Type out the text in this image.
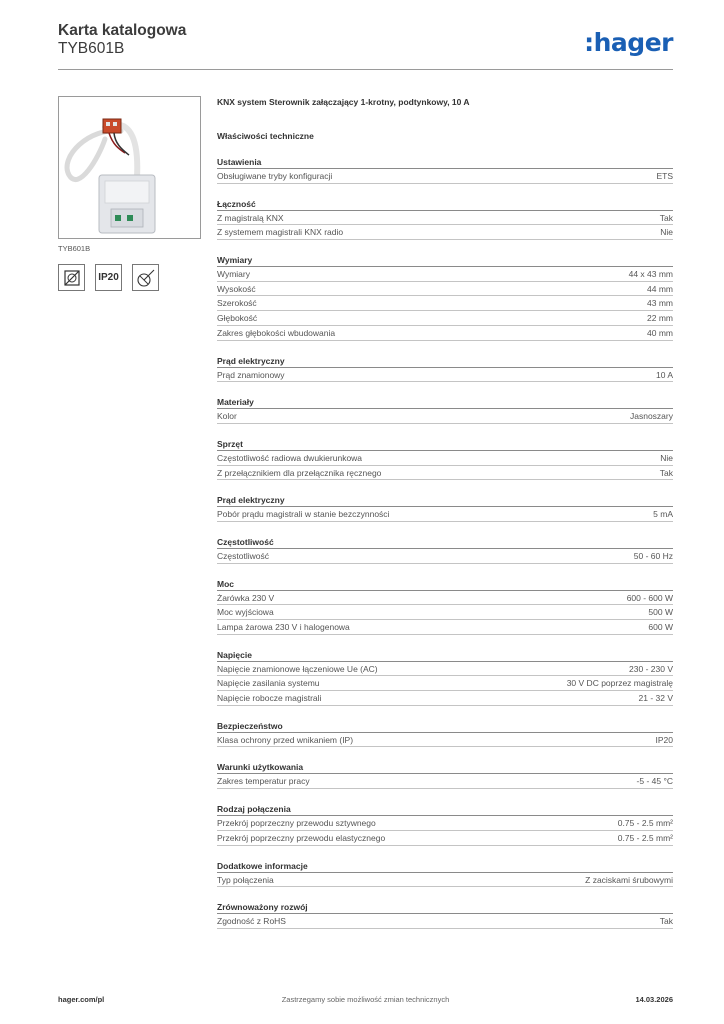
Karta katalogowa
TYB601B	:hager
TYB601B
IP20
KNX system Sterownik załączający 1-krotny, podtynkowy, 10 A
Właściwości techniczne
Ustawienia
Obsługiwane tryby konfiguracji	ETS
Łączność
Z magistralą KNX	Tak
Z systemem magistrali KNX radio	Nie
Wymiary
Wymiary	44 x 43 mm
Wysokość	44 mm
Szerokość	43 mm
Głębokość	22 mm
Zakres głębokości wbudowania	40 mm
Prąd elektryczny
Prąd znamionowy	10 A
Materiały
Kolor	Jasnoszary
Sprzęt
Częstotliwość radiowa dwukierunkowa	Nie
Z przełącznikiem dla przełącznika ręcznego	Tak
Prąd elektryczny
Pobór prądu magistrali w stanie bezczynności	5 mA
Częstotliwość
Częstotliwość	50 - 60 Hz
Moc
Żarówka 230 V	600 - 600 W
Moc wyjściowa	500 W
Lampa żarowa 230 V i halogenowa	600 W
Napięcie
Napięcie znamionowe łączeniowe Ue (AC)	230 - 230 V
Napięcie zasilania systemu	30 V DC poprzez magistralę
Napięcie robocze magistrali	21 - 32 V
Bezpieczeństwo
Klasa ochrony przed wnikaniem (IP)	IP20
Warunki użytkowania
Zakres temperatur pracy	-5 - 45 °C
Rodzaj połączenia
Przekrój poprzeczny przewodu sztywnego	0.75 - 2.5 mm²
Przekrój poprzeczny przewodu elastycznego	0.75 - 2.5 mm²
Dodatkowe informacje
Typ połączenia	Z zaciskami śrubowymi
Zrównoważony rozwój
Zgodność z RoHS	Tak
Zastrzegamy sobie możliwość zmian technicznych
hager.com/pl	14.03.2026
